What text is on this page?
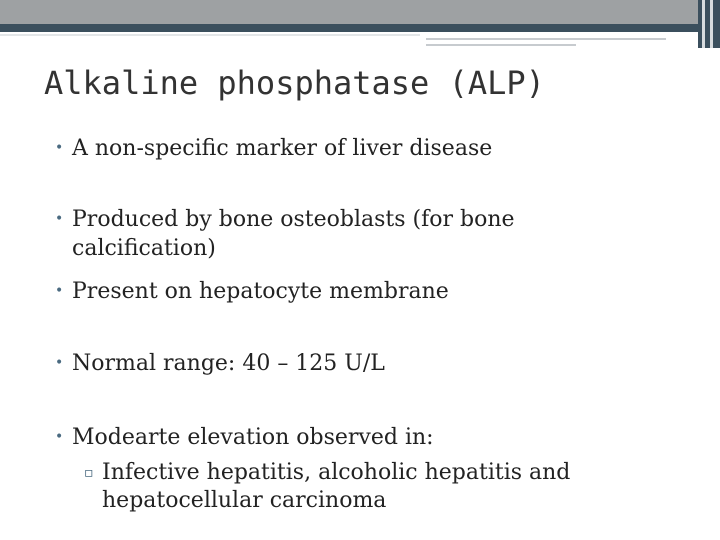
Alkaline phosphatase (ALP)
• A non-specific marker of liver disease
• Produced by bone osteoblasts (for bone calcification)
• Present on hepatocyte membrane
• Normal range: 40 – 125 U/L
• Modearte elevation observed in:
▫ Infective hepatitis, alcoholic hepatitis and hepatocellular carcinoma
